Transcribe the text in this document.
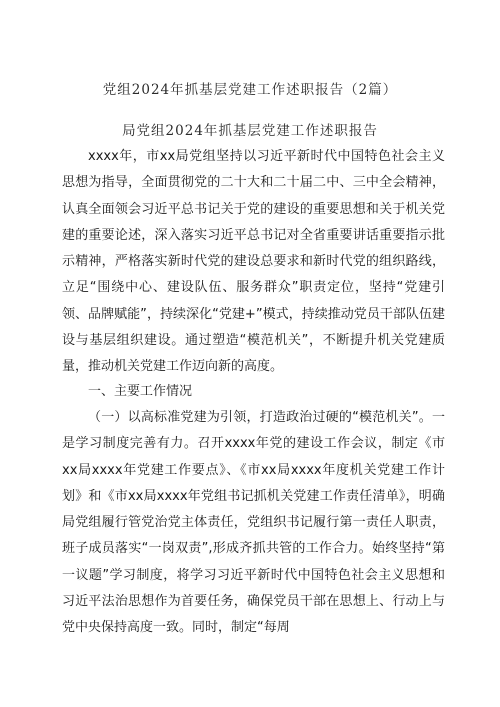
党组2024年抓基层党建工作述职报告（2篇）
局党组2024年抓基层党建工作述职报告

xxxx年，市xx局党组坚持以习近平新时代中国特色社会主义思想为指导，全面贯彻党的二十大和二十届二中、三中全会精神，认真全面领会习近平总书记关于党的建设的重要思想和关于机关党建的重要论述，深入落实习近平总书记对全省重要讲话重要指示批示精神，严格落实新时代党的建设总要求和新时代党的组织路线，立足“围绕中心、建设队伍、服务群众”职责定位，坚持“党建引领、品牌赋能”，持续深化“党建+”模式，持续推动党员干部队伍建设与基层组织建设。通过塑造“模范机关”，不断提升机关党建质量，推动机关党建工作迈向新的高度。

一、主要工作情况

（一）以高标准党建为引领，打造政治过硬的“模范机关”。一是学习制度完善有力。召开xxxx年党的建设工作会议，制定《市xx局xxxx年党建工作要点》、《市xx局xxxx年度机关党建工作计划》和《市xx局xxxx年党组书记抓机关党建工作责任清单》，明确局党组履行管党治党主体责任，党组织书记履行第一责任人职责，班子成员落实“一岗双责”,形成齐抓共管的工作合力。始终坚持“第一议题”学习制度，将学习习近平新时代中国特色社会主义思想和习近平法治思想作为首要任务，确保党员干部在思想上、行动上与党中央保持高度一致。同时，制定“每周
